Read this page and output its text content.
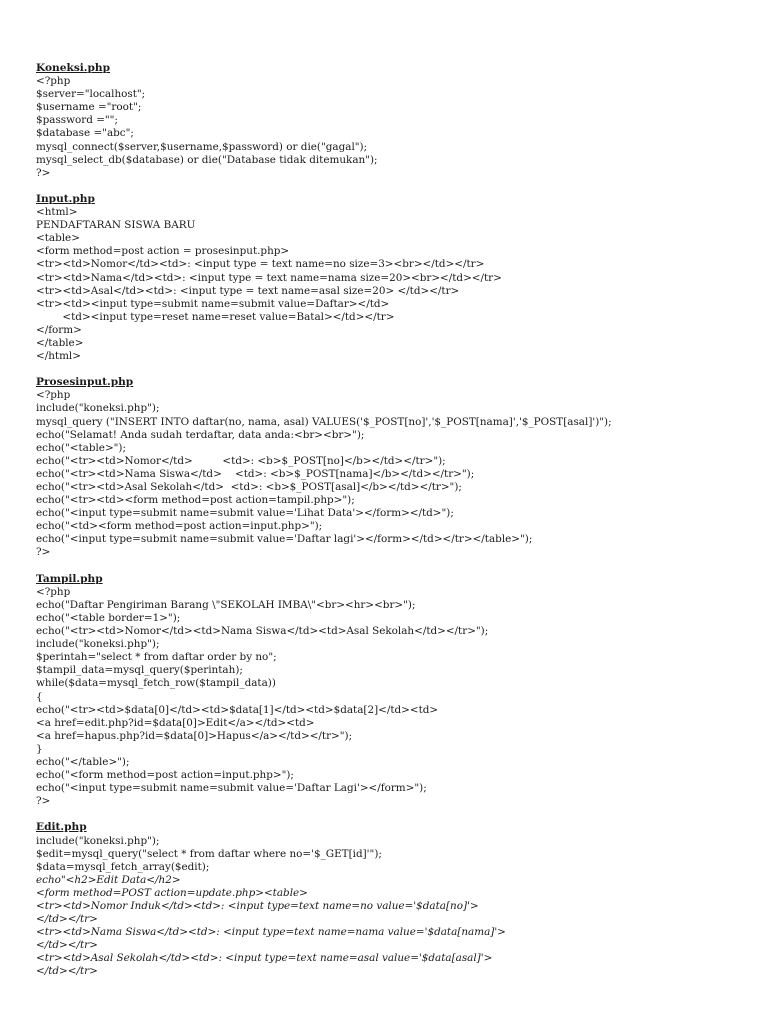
Koneksi.php
<?php
$server="localhost";
$username ="root";
$password ="";
$database ="abc";
mysql_connect($server,$username,$password) or die("gagal");
mysql_select_db($database) or die("Database tidak ditemukan");
?>
Input.php
<html>
PENDAFTARAN SISWA BARU
<table>
<form method=post action = prosesinput.php>
<tr><td>Nomor</td><td>: <input type = text name=no size=3><br></td></tr>
<tr><td>Nama</td><td>: <input type = text name=nama size=20><br></td></tr>
<tr><td>Asal</td><td>: <input type = text name=asal size=20> </td></tr>
<tr><td><input type=submit name=submit value=Daftar></td>
<td><input type=reset name=reset value=Batal></td></tr>
</form>
</table>
</html>
Prosesinput.php
<?php
include("koneksi.php");
mysql_query ("INSERT INTO daftar(no, nama, asal) VALUES('$_POST[no]','$_POST[nama]','$_POST[asal]')");
echo("Selamat! Anda sudah terdaftar, data anda:<br><br>");
echo("<table>");
echo("<tr><td>Nomor</td>         <td>: <b>$_POST[no]</b></td></tr>");
echo("<tr><td>Nama Siswa</td>    <td>: <b>$_POST[nama]</b></td></tr>");
echo("<tr><td>Asal Sekolah</td>  <td>: <b>$_POST[asal]</b></td></tr>");
echo("<tr><td><form method=post action=tampil.php>");
echo("<input type=submit name=submit value='Lihat Data'></form></td>");
echo("<td><form method=post action=input.php>");
echo("<input type=submit name=submit value='Daftar lagi'></form></td></tr></table>");
?>
Tampil.php
<?php
echo("Daftar Pengiriman Barang \"SEKOLAH IMBA\"<br><hr><br>");
echo("<table border=1>");
echo("<tr><td>Nomor</td><td>Nama Siswa</td><td>Asal Sekolah</td></tr>");
include("koneksi.php");
$perintah="select * from daftar order by no";
$tampil_data=mysql_query($perintah);
while($data=mysql_fetch_row($tampil_data))
{
echo("<tr><td>$data[0]</td><td>$data[1]</td><td>$data[2]</td><td>
<a href=edit.php?id=$data[0]>Edit</a></td><td>
<a href=hapus.php?id=$data[0]>Hapus</a></td></tr>");
}
echo("</table>");
echo("<form method=post action=input.php>");
echo("<input type=submit name=submit value='Daftar Lagi'></form>");
?>
Edit.php
include("koneksi.php");
$edit=mysql_query("select * from daftar where no='$_GET[id]'");
$data=mysql_fetch_array($edit);
echo"<h2>Edit Data</h2>
<form method=POST action=update.php><table>
<tr><td>Nomor Induk</td><td>: <input type=text name=no value='$data[no]'>
</td></tr>
<tr><td>Nama Siswa</td><td>: <input type=text name=nama value='$data[nama]'>
</td></tr>
<tr><td>Asal Sekolah</td><td>: <input type=text name=asal value='$data[asal]'>
</td></tr>
